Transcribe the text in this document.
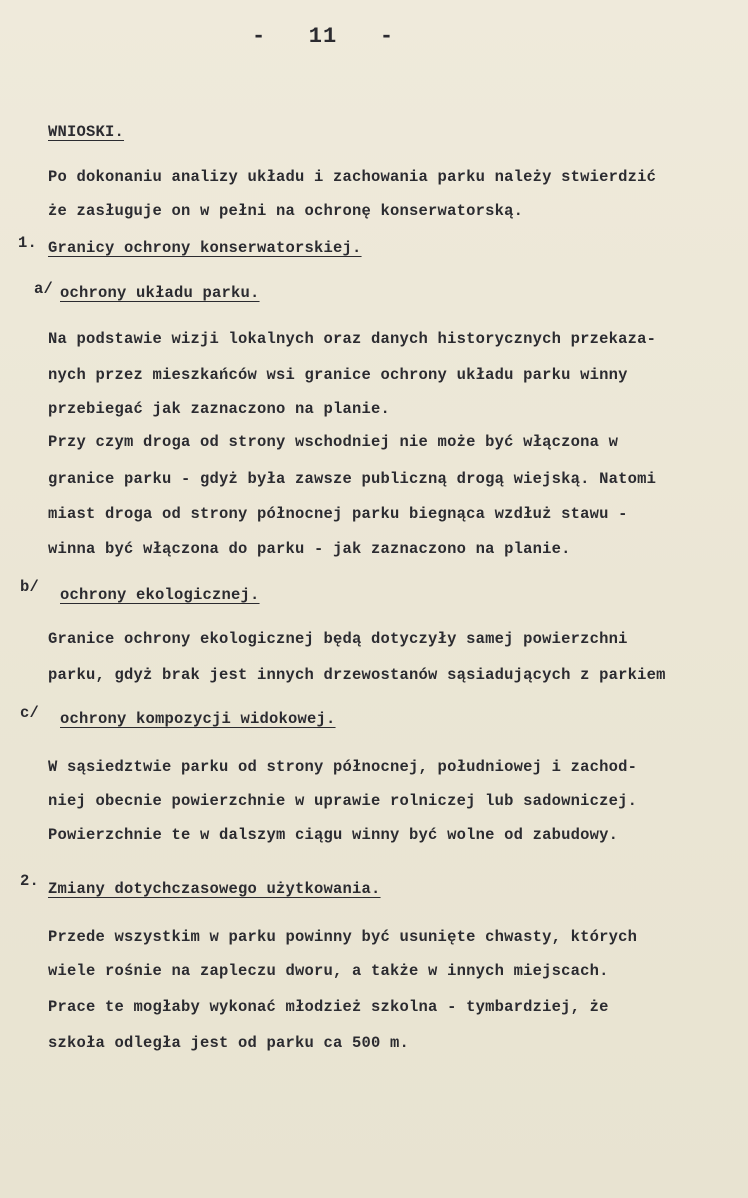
-   11   -
WNIOSKI.
Po dokonaniu analizy układu i zachowania parku należy stwierdzić
że zasługuje on w pełni na ochronę konserwatorską.
1. Granicy ochrony konserwatorskiej.
a/ ochrony układu parku.
Na podstawie wizji lokalnych oraz danych historycznych przekaza-
nych przez mieszkańców wsi granice ochrony układu parku winny
przebiegać jak zaznaczono na planie.
Przy czym droga od strony wschodniej nie może być włączona w
granice parku - gdyż była zawsze publiczną drogą wiejską. Natomi
miast droga od strony północnej parku biegnąca wzdłuż stawu -
winna być włączona do parku - jak zaznaczono na planie.
b/ ochrony ekologicznej.
Granice ochrony ekologicznej będą dotyczyły samej powierzchni
parku, gdyż brak jest innych drzewostanów sąsiadujących z parkiem
c/ ochrony kompozycji widokowej.
W sąsiedztwie parku od strony północnej, południowej i zachod-
niej obecnie powierzchnie w uprawie rolniczej lub sadowniczej.
Powierzchnie te w dalszym ciągu winny być wolne od zabudowy.
2. Zmiany dotychczasowego użytkowania.
Przede wszystkim w parku powinny być usunięte chwasty, których
wiele rośnie na zapleczu dworu, a także w innych miejscach.
Prace te mogłaby wykonać młodzież szkolna - tymbardziej, że
szkoła odległa jest od parku ca 500 m.
